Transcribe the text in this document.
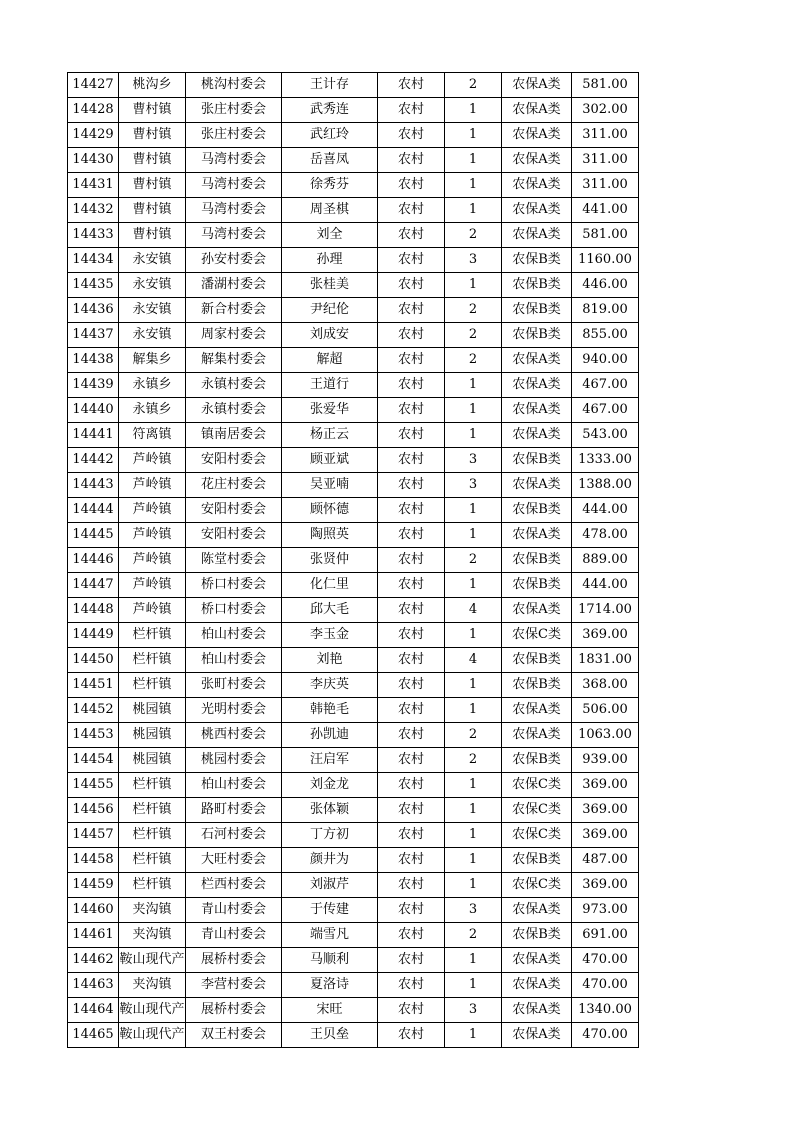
14427	桃沟乡	桃沟村委会	王计存	农村	2	农保A类	581.00
14428	曹村镇	张庄村委会	武秀连	农村	1	农保A类	302.00
14429	曹村镇	张庄村委会	武红玲	农村	1	农保A类	311.00
14430	曹村镇	马湾村委会	岳喜凤	农村	1	农保A类	311.00
14431	曹村镇	马湾村委会	徐秀芬	农村	1	农保A类	311.00
14432	曹村镇	马湾村委会	周圣棋	农村	1	农保A类	441.00
14433	曹村镇	马湾村委会	刘全	农村	2	农保A类	581.00
14434	永安镇	孙安村委会	孙理	农村	3	农保B类	1160.00
14435	永安镇	潘湖村委会	张桂美	农村	1	农保B类	446.00
14436	永安镇	新合村委会	尹纪伦	农村	2	农保B类	819.00
14437	永安镇	周家村委会	刘成安	农村	2	农保B类	855.00
14438	解集乡	解集村委会	解超	农村	2	农保A类	940.00
14439	永镇乡	永镇村委会	王道行	农村	1	农保A类	467.00
14440	永镇乡	永镇村委会	张爱华	农村	1	农保A类	467.00
14441	符离镇	镇南居委会	杨正云	农村	1	农保A类	543.00
14442	芦岭镇	安阳村委会	顾亚斌	农村	3	农保B类	1333.00
14443	芦岭镇	花庄村委会	吴亚喃	农村	3	农保A类	1388.00
14444	芦岭镇	安阳村委会	顾怀德	农村	1	农保B类	444.00
14445	芦岭镇	安阳村委会	陶照英	农村	1	农保A类	478.00
14446	芦岭镇	陈堂村委会	张贤仲	农村	2	农保B类	889.00
14447	芦岭镇	桥口村委会	化仁里	农村	1	农保B类	444.00
14448	芦岭镇	桥口村委会	邱大毛	农村	4	农保A类	1714.00
14449	栏杆镇	柏山村委会	李玉金	农村	1	农保C类	369.00
14450	栏杆镇	柏山村委会	刘艳	农村	4	农保B类	1831.00
14451	栏杆镇	张町村委会	李庆英	农村	1	农保B类	368.00
14452	桃园镇	光明村委会	韩艳毛	农村	1	农保A类	506.00
14453	桃园镇	桃西村委会	孙凯迪	农村	2	农保A类	1063.00
14454	桃园镇	桃园村委会	汪启军	农村	2	农保B类	939.00
14455	栏杆镇	柏山村委会	刘金龙	农村	1	农保C类	369.00
14456	栏杆镇	路町村委会	张体颖	农村	1	农保C类	369.00
14457	栏杆镇	石河村委会	丁方初	农村	1	农保C类	369.00
14458	栏杆镇	大旺村委会	颜井为	农村	1	农保B类	487.00
14459	栏杆镇	栏西村委会	刘淑芹	农村	1	农保C类	369.00
14460	夹沟镇	青山村委会	于传建	农村	3	农保A类	973.00
14461	夹沟镇	青山村委会	端雪凡	农村	2	农保B类	691.00
14462	鞍山现代产	展桥村委会	马顺利	农村	1	农保A类	470.00
14463	夹沟镇	李营村委会	夏洛诗	农村	1	农保A类	470.00
14464	鞍山现代产	展桥村委会	宋旺	农村	3	农保A类	1340.00
14465	鞍山现代产	双王村委会	王贝垒	农村	1	农保A类	470.00
